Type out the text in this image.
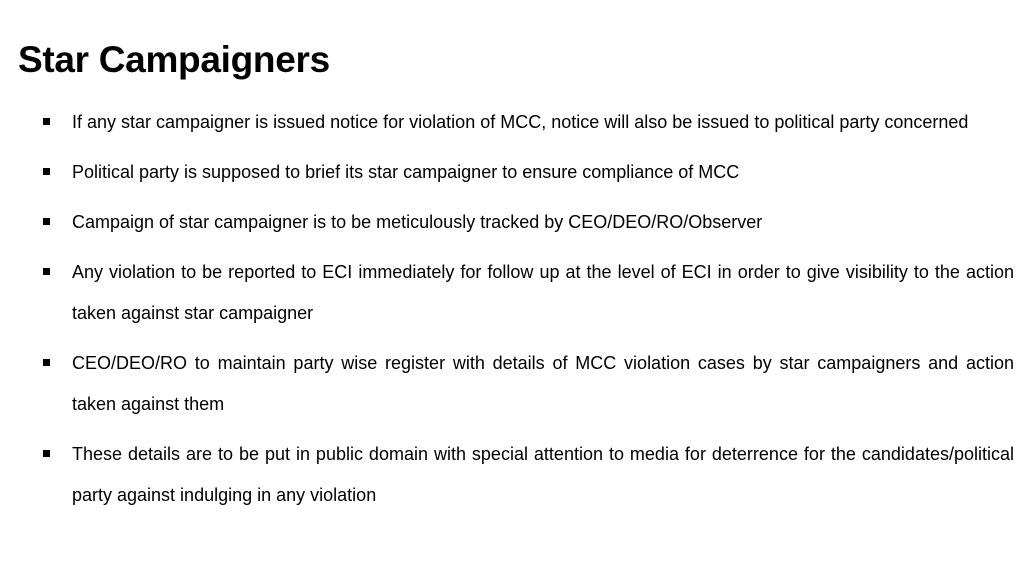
Star Campaigners
If any star campaigner is issued notice for violation of MCC, notice will also be issued to political party concerned
Political party is supposed to brief its star campaigner to ensure compliance of MCC
Campaign of star campaigner is to be meticulously tracked by CEO/DEO/RO/Observer
Any violation to be reported to ECI immediately for follow up at the level of ECI in order to give visibility to the action taken against star campaigner
CEO/DEO/RO to maintain party wise register with details of MCC violation cases by star campaigners and action taken against them
These details are to be put in public domain with special attention to media for deterrence for the candidates/political party against indulging in any violation
